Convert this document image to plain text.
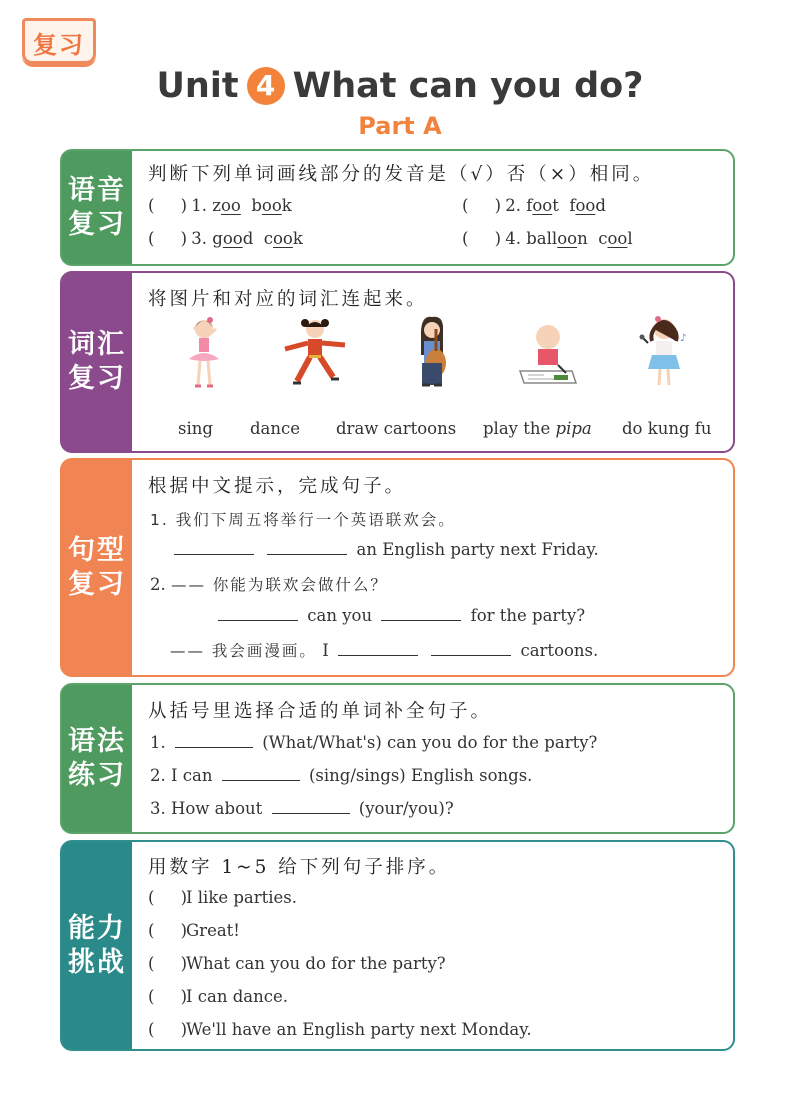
复习
Unit 4 What can you do?
Part A
语音
复习
判断下列单词画线部分的发音是（√）否（×）相同。
(     ) 1. zoo book	(     ) 2. foot food
(     ) 3. good cook	(     ) 4. balloon cool
词汇
复习
将图片和对应的词汇连起来。
♪
sing dance draw cartoons play the pipa do kung fu
句型
复习
根据中文提示，完成句子。
1. 我们下周五将举行一个英语联欢会。
an English party next Friday.
2. —— 你能为联欢会做什么？
can you	for the party?
—— 我会画漫画。 I	cartoons.
语法
练习
从括号里选择合适的单词补全句子。
1.	(What/What's) can you do for the party?
2. I can	(sing/sings) English songs.
3. How about	(your/you)?
能力
挑战
用数字 1~5 给下列句子排序。
(     )I like parties.
(     )Great!
(     )What can you do for the party?
(     )I can dance.
(     )We'll have an English party next Monday.
